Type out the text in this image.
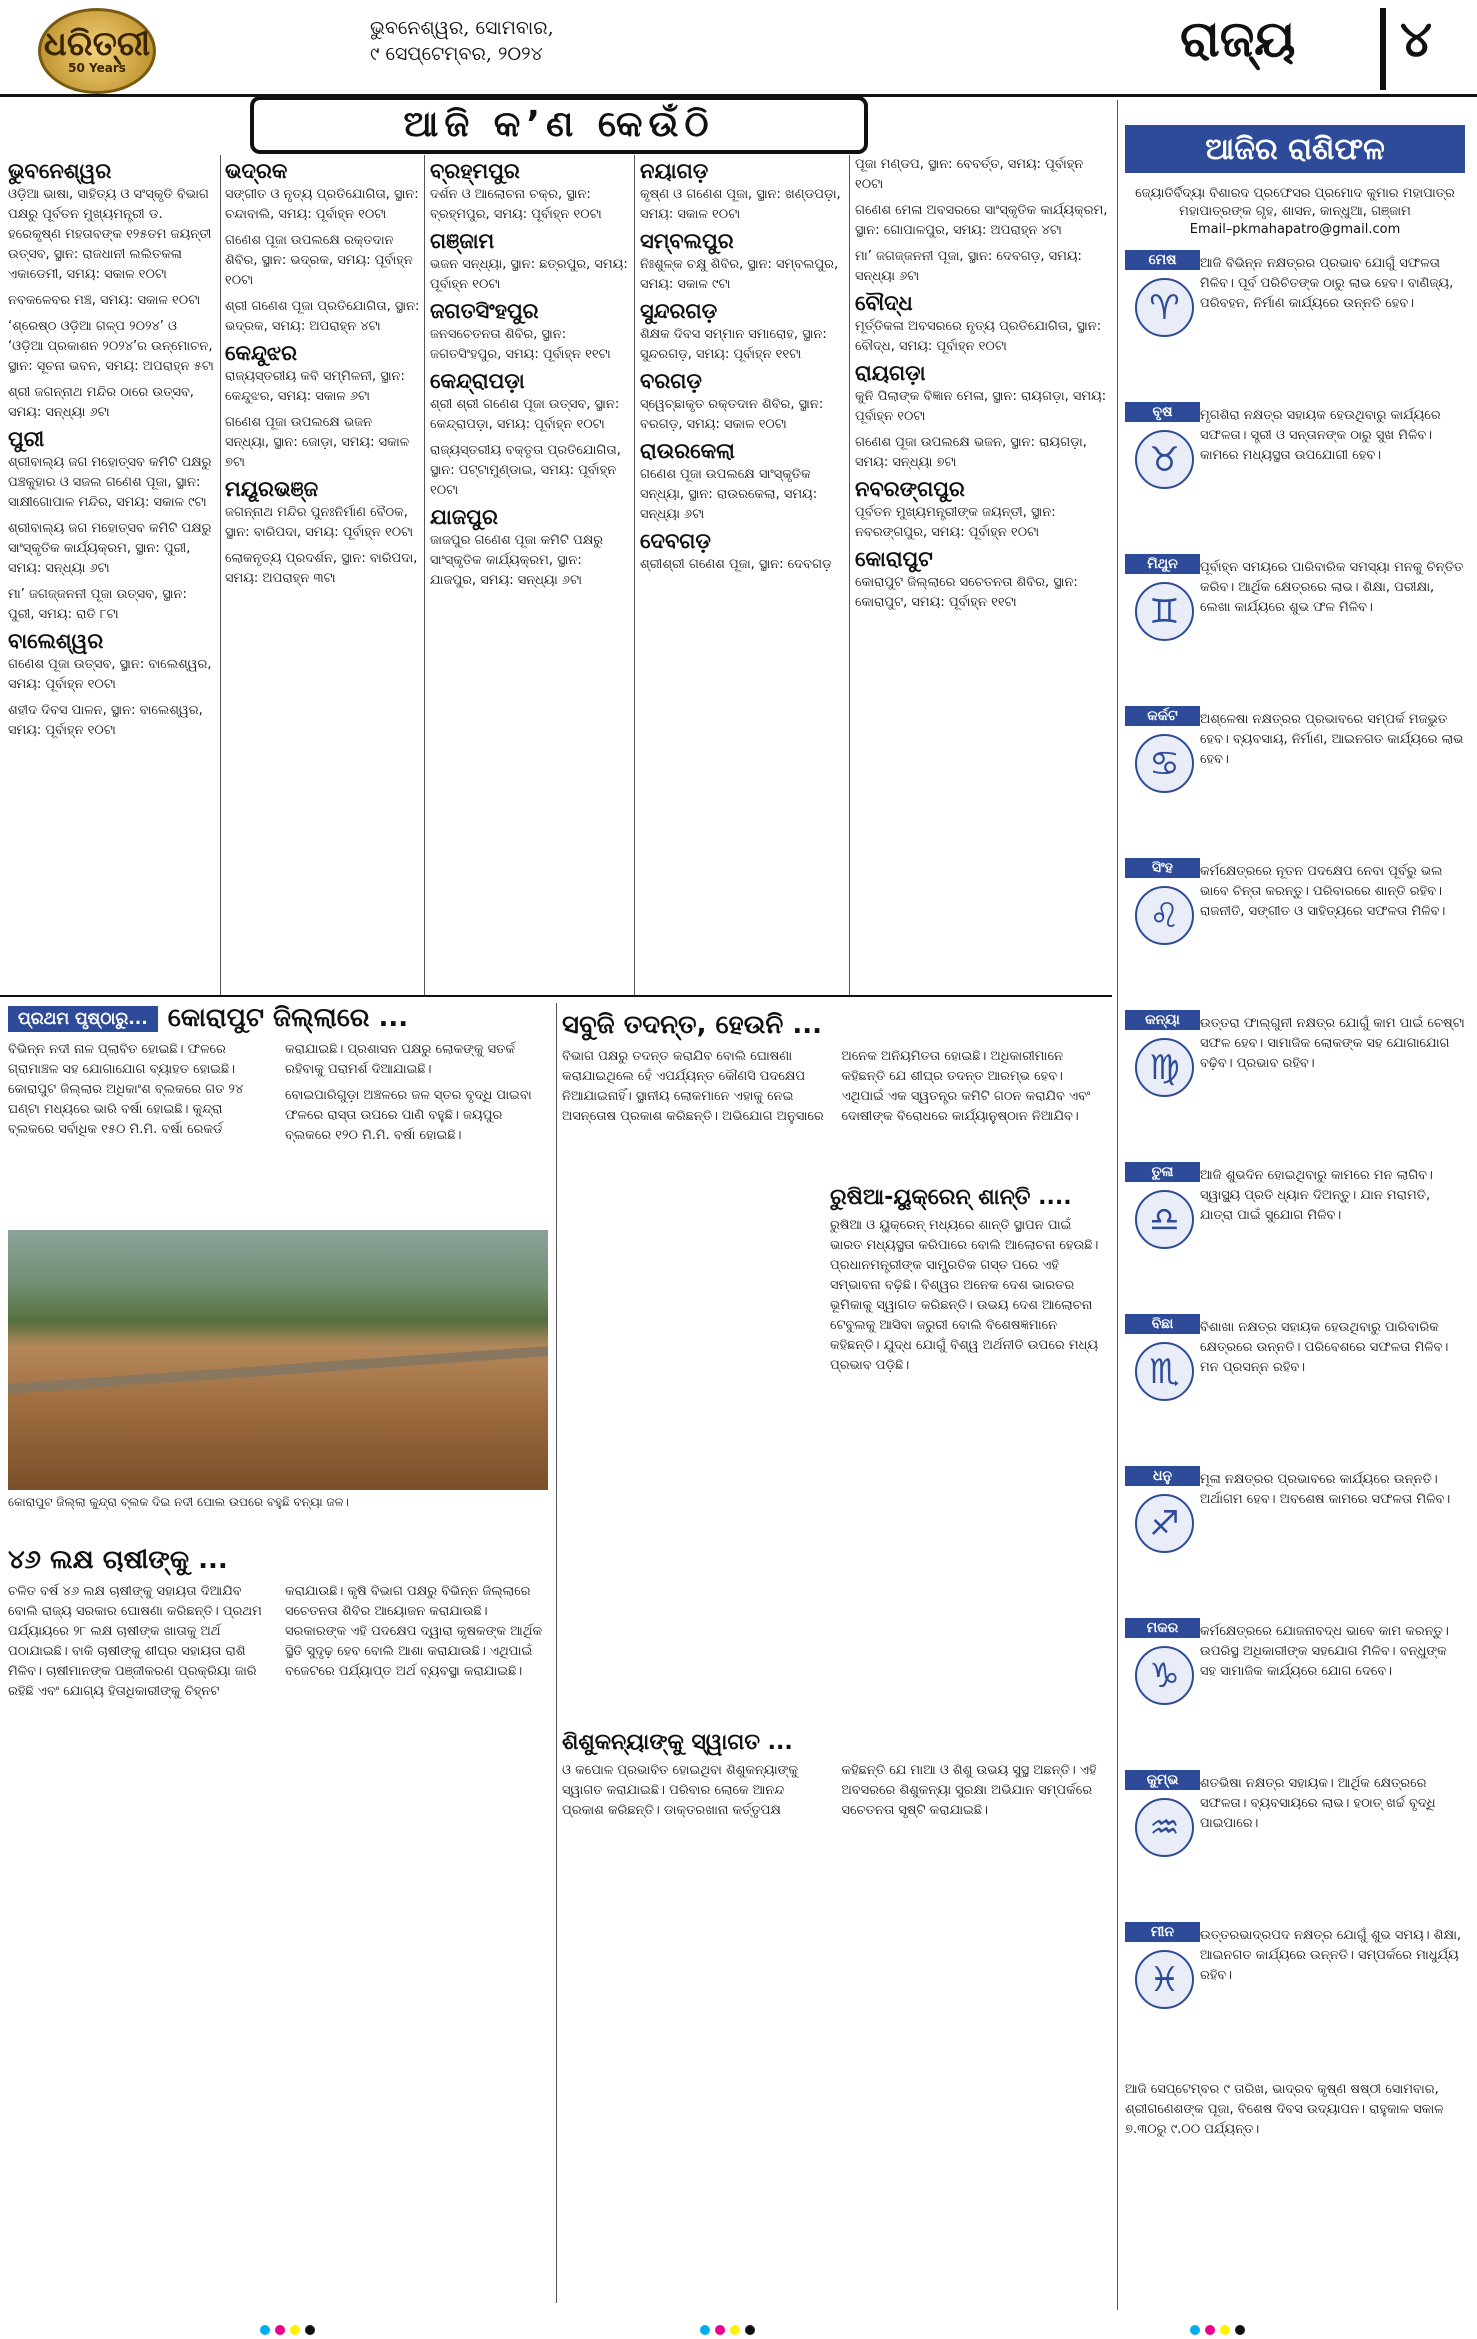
ଧରିତ୍ରୀ
50 Years
ଭୁବନେଶ୍ୱର, ସୋମବାର,
୯ ସେପ୍ଟେମ୍ବର, ୨୦୨୪	ରାଜ୍ୟ ୪
ଆଜି କ’ଣ କେଉଁଠି
ଭୁବନେଶ୍ୱର

ଓଡ଼ିଆ ଭାଷା, ସାହିତ୍ୟ ଓ ସଂସ୍କୃତି ବିଭାଗ ପକ୍ଷରୁ ପୂର୍ବତନ ମୁଖ୍ୟମନ୍ତ୍ରୀ ଡ. ହରେକୃଷ୍ଣ ମହତାବଙ୍କ ୧୨୫ତମ ଜୟନ୍ତୀ ଉତ୍ସବ, ସ୍ଥାନ: ରାଜଧାନୀ ଲଲିତକଳା ଏକାଡେମୀ, ସମୟ: ସକାଳ ୧୦ଟା

ନବକଳେବର ମଞ୍ଚ, ସମୟ: ସକାଳ ୧୦ଟା

‘ଶ୍ରେଷ୍ଠ ଓଡ଼ିଆ ଗଳ୍ପ ୨୦୨୪’ ଓ ‘ଓଡ଼ିଆ ପ୍ରକାଶନ ୨୦୨୪’ର ଉନ୍ମୋଚନ, ସ୍ଥାନ: ସୂଚନା ଭବନ, ସମୟ: ଅପରାହ୍ନ ୫ଟା

ଶ୍ରୀ ଜଗନ୍ନାଥ ମନ୍ଦିର ଠାରେ ଉତ୍ସବ, ସମୟ: ସନ୍ଧ୍ୟା ୬ଟା

ପୁରୀ

ଶ୍ରୀବାଲ୍ୟ ଜଗ ମହୋତ୍ସବ କମିଟି ପକ୍ଷରୁ ପଞ୍ଚକୁହାର ଓ ସଜଲ ଗଣେଶ ପୂଜା, ସ୍ଥାନ: ସାକ୍ଷୀଗୋପାଳ ମନ୍ଦିର, ସମୟ: ସକାଳ ୯ଟା

ଶ୍ରୀବାଲ୍ୟ ଜଗ ମହୋତ୍ସବ କମିଟି ପକ୍ଷରୁ ସାଂସ୍କୃତିକ କାର୍ଯ୍ୟକ୍ରମ, ସ୍ଥାନ: ପୁରୀ, ସମୟ: ସନ୍ଧ୍ୟା ୬ଟା

ମା’ ଜଗଜ୍ଜନନୀ ପୂଜା ଉତ୍ସବ, ସ୍ଥାନ: ପୁରୀ, ସମୟ: ରାତି ୮ଟା

ବାଲେଶ୍ୱର

ଗଣେଶ ପୂଜା ଉତ୍ସବ, ସ୍ଥାନ: ବାଲେଶ୍ୱର, ସମୟ: ପୂର୍ବାହ୍ନ ୧୦ଟା

ଶହୀଦ ଦିବସ ପାଳନ, ସ୍ଥାନ: ବାଲେଶ୍ୱର, ସମୟ: ପୂର୍ବାହ୍ନ ୧୦ଟା

ଭଦ୍ରକ

ସଙ୍ଗୀତ ଓ ନୃତ୍ୟ ପ୍ରତିଯୋଗିତା, ସ୍ଥାନ: ଚନ୍ଦାବାଲି, ସମୟ: ପୂର୍ବାହ୍ନ ୧୦ଟା

ଗଣେଶ ପୂଜା ଉପଲକ୍ଷେ ରକ୍ତଦାନ ଶିବିର, ସ୍ଥାନ: ଭଦ୍ରକ, ସମୟ: ପୂର୍ବାହ୍ନ ୧୦ଟା

ଶ୍ରୀ ଗଣେଶ ପୂଜା ପ୍ରତିଯୋଗିତା, ସ୍ଥାନ: ଭଦ୍ରକ, ସମୟ: ଅପରାହ୍ନ ୪ଟା

କେନ୍ଦୁଝର

ରାଜ୍ୟସ୍ତରୀୟ କବି ସମ୍ମିଳନୀ, ସ୍ଥାନ: କେନ୍ଦୁଝର, ସମୟ: ସକାଳ ୬ଟା

ଗଣେଶ ପୂଜା ଉପଲକ୍ଷେ ଭଜନ ସନ୍ଧ୍ୟା, ସ୍ଥାନ: ଜୋଡ଼ା, ସମୟ: ସକାଳ ୭ଟା

ମୟୂରଭଞ୍ଜ

ଜଗନ୍ନାଥ ମନ୍ଦିର ପୁନଃନିର୍ମାଣ ବୈଠକ, ସ୍ଥାନ: ବାରିପଦା, ସମୟ: ପୂର୍ବାହ୍ନ ୧୦ଟା

ଲୋକନୃତ୍ୟ ପ୍ରଦର୍ଶନ, ସ୍ଥାନ: ବାରିପଦା, ସମୟ: ଅପରାହ୍ନ ୩ଟା

ବ୍ରହ୍ମପୁର

ଦର୍ଶନ ଓ ଆଲୋଚନା ଚକ୍ର, ସ୍ଥାନ: ବ୍ରହ୍ମପୁର, ସମୟ: ପୂର୍ବାହ୍ନ ୧୦ଟା

ଗଞ୍ଜାମ

ଭଜନ ସନ୍ଧ୍ୟା, ସ୍ଥାନ: ଛତ୍ରପୁର, ସମୟ: ପୂର୍ବାହ୍ନ ୧୦ଟା

ଜଗତସିଂହପୁର

ଜନସଚେତନତା ଶିବିର, ସ୍ଥାନ: ଜଗତସିଂହପୁର, ସମୟ: ପୂର୍ବାହ୍ନ ୧୧ଟା

କେନ୍ଦ୍ରାପଡ଼ା

ଶ୍ରୀ ଶ୍ରୀ ଗଣେଶ ପୂଜା ଉତ୍ସବ, ସ୍ଥାନ: କେନ୍ଦ୍ରାପଡ଼ା, ସମୟ: ପୂର୍ବାହ୍ନ ୧୦ଟା

ରାଜ୍ୟସ୍ତରୀୟ ବକ୍ତୃତା ପ୍ରତିଯୋଗିତା, ସ୍ଥାନ: ପଟ୍ଟାମୁଣ୍ଡାଇ, ସମୟ: ପୂର୍ବାହ୍ନ ୧୦ଟା

ଯାଜପୁର

ଜାଜପୁର ଗଣେଶ ପୂଜା କମିଟି ପକ୍ଷରୁ ସାଂସ୍କୃତିକ କାର୍ଯ୍ୟକ୍ରମ, ସ୍ଥାନ: ଯାଜପୁର, ସମୟ: ସନ୍ଧ୍ୟା ୬ଟା

ନୟାଗଡ଼

କୃଷ୍ଣ ଓ ଗଣେଶ ପୂଜା, ସ୍ଥାନ: ଖଣ୍ଡପଡ଼ା, ସମୟ: ସକାଳ ୧୦ଟା

ସମ୍ବଲପୁର

ନିଃଶୁଳ୍କ ଚକ୍ଷୁ ଶିବିର, ସ୍ଥାନ: ସମ୍ବଲପୁର, ସମୟ: ସକାଳ ୯ଟା

ସୁନ୍ଦରଗଡ଼

ଶିକ୍ଷକ ଦିବସ ସମ୍ମାନ ସମାରୋହ, ସ୍ଥାନ: ସୁନ୍ଦରଗଡ଼, ସମୟ: ପୂର୍ବାହ୍ନ ୧୧ଟା

ବରଗଡ଼

ସ୍ୱେଚ୍ଛାକୃତ ରକ୍ତଦାନ ଶିବିର, ସ୍ଥାନ: ବରଗଡ଼, ସମୟ: ସକାଳ ୧୦ଟା

ରାଉରକେଲା

ଗଣେଶ ପୂଜା ଉପଲକ୍ଷେ ସାଂସ୍କୃତିକ ସନ୍ଧ୍ୟା, ସ୍ଥାନ: ରାଉରକେଲା, ସମୟ: ସନ୍ଧ୍ୟା ୬ଟା

ଦେବଗଡ଼

ଶ୍ରୀଶ୍ରୀ ଗଣେଶ ପୂଜା, ସ୍ଥାନ: ଦେବଗଡ଼

ପୂଜା ମଣ୍ଡପ, ସ୍ଥାନ: ବେବର୍ତ୍ତ, ସମୟ: ପୂର୍ବାହ୍ନ ୧୦ଟା

ଗଣେଶ ମେଳା ଅବସରରେ ସାଂସ୍କୃତିକ କାର୍ଯ୍ୟକ୍ରମ, ସ୍ଥାନ: ଗୋପାଳପୁର, ସମୟ: ଅପରାହ୍ନ ୪ଟା

ମା’ ଜଗଜ୍ଜନନୀ ପୂଜା, ସ୍ଥାନ: ଦେବଗଡ଼, ସମୟ: ସନ୍ଧ୍ୟା ୬ଟା

ବୌଦ୍ଧ

ମୂର୍ତ୍ତିକଳା ଅବସରରେ ନୃତ୍ୟ ପ୍ରତିଯୋଗିତା, ସ୍ଥାନ: ବୌଦ୍ଧ, ସମୟ: ପୂର୍ବାହ୍ନ ୧୦ଟା

ରାୟଗଡ଼ା

କୁନି ପିଲାଙ୍କ ବିଜ୍ଞାନ ମେଳା, ସ୍ଥାନ: ରାୟଗଡ଼ା, ସମୟ: ପୂର୍ବାହ୍ନ ୧୦ଟା

ଗଣେଶ ପୂଜା ଉପଲକ୍ଷେ ଭଜନ, ସ୍ଥାନ: ରାୟଗଡ଼ା, ସମୟ: ସନ୍ଧ୍ୟା ୭ଟା

ନବରଙ୍ଗପୁର

ପୂର୍ବତନ ମୁଖ୍ୟମନ୍ତ୍ରୀଙ୍କ ଜୟନ୍ତୀ, ସ୍ଥାନ: ନବରଙ୍ଗପୁର, ସମୟ: ପୂର୍ବାହ୍ନ ୧୦ଟା

କୋରାପୁଟ

କୋରାପୁଟ ଜିଲ୍ଲାରେ ସଚେତନତା ଶିବିର, ସ୍ଥାନ: କୋରାପୁଟ, ସମୟ: ପୂର୍ବାହ୍ନ ୧୧ଟା

ପ୍ରଥମ ପୃଷ୍ଠାରୁ... କୋରାପୁଟ ଜିଲ୍ଲାରେ ...

ବିଭିନ୍ନ ନଦୀ ନାଳ ପ୍ଲାବିତ ହୋଇଛି। ଫଳରେ ଗ୍ରାମାଞ୍ଚଳ ସହ ଯୋଗାଯୋଗ ବ୍ୟାହତ ହୋଇଛି। କୋରାପୁଟ ଜିଲ୍ଲାର ଅଧିକାଂଶ ବ୍ଲକରେ ଗତ ୨୪ ଘଣ୍ଟା ମଧ୍ୟରେ ଭାରି ବର୍ଷା ହୋଇଛି। କୁନ୍ଦ୍ରା ବ୍ଲକରେ ସର୍ବାଧିକ ୧୫୦ ମି.ମି. ବର୍ଷା ରେକର୍ଡ କରାଯାଇଛି। ପ୍ରଶାସନ ପକ୍ଷରୁ ଲୋକଙ୍କୁ ସତର୍କ ରହିବାକୁ ପରାମର୍ଶ ଦିଆଯାଇଛି।

ବୋଇପାରିଗୁଡ଼ା ଅଞ୍ଚଳରେ ଜଳ ସ୍ତର ବୃଦ୍ଧି ପାଇବା ଫଳରେ ରାସ୍ତା ଉପରେ ପାଣି ବହୁଛି। ଜୟପୁର ବ୍ଲକରେ ୧୨୦ ମି.ମି. ବର୍ଷା ହୋଇଛି।

କୋରାପୁଟ ଜିଲ୍ଲା କୁନ୍ଦ୍ରା ବ୍ଲକ ଦିଇ ନଦୀ ପୋଲ ଉପରେ ବହୁଛି ବନ୍ୟା ଜଳ।
୪୬ ଲକ୍ଷ ଚାଷୀଙ୍କୁ ...
ଚଳିତ ବର୍ଷ ୪୬ ଲକ୍ଷ ଚାଷୀଙ୍କୁ ସହାୟତା ଦିଆଯିବ ବୋଲି ରାଜ୍ୟ ସରକାର ଘୋଷଣା କରିଛନ୍ତି। ପ୍ରଥମ ପର୍ଯ୍ୟାୟରେ ୨୮ ଲକ୍ଷ ଚାଷୀଙ୍କ ଖାତାକୁ ଅର୍ଥ ପଠାଯାଇଛି। ବାକି ଚାଷୀଙ୍କୁ ଶୀଘ୍ର ସହାୟତା ରାଶି ମିଳିବ। ଚାଷୀମାନଙ୍କ ପଞ୍ଜୀକରଣ ପ୍ରକ୍ରିୟା ଜାରି ରହିଛି ଏବଂ ଯୋଗ୍ୟ ହିତାଧିକାରୀଙ୍କୁ ଚିହ୍ନଟ କରାଯାଉଛି। କୃଷି ବିଭାଗ ପକ୍ଷରୁ ବିଭିନ୍ନ ଜିଲ୍ଲାରେ ସଚେତନତା ଶିବିର ଆୟୋଜନ କରାଯାଉଛି। ସରକାରଙ୍କ ଏହି ପଦକ୍ଷେପ ଦ୍ୱାରା କୃଷକଙ୍କ ଆର୍ଥିକ ସ୍ଥିତି ସୁଦୃଢ଼ ହେବ ବୋଲି ଆଶା କରାଯାଉଛି। ଏଥିପାଇଁ ବଜେଟରେ ପର୍ଯ୍ୟାପ୍ତ ଅର୍ଥ ବ୍ୟବସ୍ଥା କରାଯାଇଛି।
ସବୁଜି ତଦନ୍ତ, ହେଉନି ...
ବିଭାଗ ପକ୍ଷରୁ ତଦନ୍ତ କରାଯିବ ବୋଲି ଘୋଷଣା କରାଯାଇଥିଲେ ହେଁ ଏପର୍ଯ୍ୟନ୍ତ କୌଣସି ପଦକ୍ଷେପ ନିଆଯାଇନାହିଁ। ସ୍ଥାନୀୟ ଲୋକମାନେ ଏହାକୁ ନେଇ ଅସନ୍ତୋଷ ପ୍ରକାଶ କରିଛନ୍ତି। ଅଭିଯୋଗ ଅନୁସାରେ ଅନେକ ଅନିୟମିତତା ହୋଇଛି। ଅଧିକାରୀମାନେ କହିଛନ୍ତି ଯେ ଶୀଘ୍ର ତଦନ୍ତ ଆରମ୍ଭ ହେବ। ଏଥିପାଇଁ ଏକ ସ୍ୱତନ୍ତ୍ର କମିଟି ଗଠନ କରାଯିବ ଏବଂ ଦୋଷୀଙ୍କ ବିରୋଧରେ କାର୍ଯ୍ୟାନୁଷ୍ଠାନ ନିଆଯିବ।
ରୁଷିଆ-ୟୁକ୍ରେନ୍ ଶାନ୍ତି ....
ରୁଷିଆ ଓ ୟୁକ୍ରେନ୍ ମଧ୍ୟରେ ଶାନ୍ତି ସ୍ଥାପନ ପାଇଁ ଭାରତ ମଧ୍ୟସ୍ଥତା କରିପାରେ ବୋଲି ଆଲୋଚନା ହେଉଛି। ପ୍ରଧାନମନ୍ତ୍ରୀଙ୍କ ସାମ୍ପ୍ରତିକ ଗସ୍ତ ପରେ ଏହି ସମ୍ଭାବନା ବଢ଼ିଛି। ବିଶ୍ୱର ଅନେକ ଦେଶ ଭାରତର ଭୂମିକାକୁ ସ୍ୱାଗତ କରିଛନ୍ତି। ଉଭୟ ଦେଶ ଆଲୋଚନା ଟେବୁଲକୁ ଆସିବା ଜରୁରୀ ବୋଲି ବିଶେଷଜ୍ଞମାନେ କହିଛନ୍ତି। ଯୁଦ୍ଧ ଯୋଗୁଁ ବିଶ୍ୱ ଅର୍ଥନୀତି ଉପରେ ମଧ୍ୟ ପ୍ରଭାବ ପଡ଼ିଛି।
ଶିଶୁକନ୍ୟାଙ୍କୁ ସ୍ୱାଗତ ...
ଓ କପୋଳ ପ୍ରଭାବିତ ହୋଇଥିବା ଶିଶୁକନ୍ୟାଙ୍କୁ ସ୍ୱାଗତ କରାଯାଇଛି। ପରିବାର ଲୋକେ ଆନନ୍ଦ ପ୍ରକାଶ କରିଛନ୍ତି। ଡାକ୍ତରଖାନା କର୍ତ୍ତୃପକ୍ଷ କହିଛନ୍ତି ଯେ ମାଆ ଓ ଶିଶୁ ଉଭୟ ସୁସ୍ଥ ଅଛନ୍ତି। ଏହି ଅବସରରେ ଶିଶୁକନ୍ୟା ସୁରକ୍ଷା ଅଭିଯାନ ସମ୍ପର୍କରେ ସଚେତନତା ସୃଷ୍ଟି କରାଯାଇଛି।
ଆଜିର ରାଶିଫଳ
ଜ୍ୟୋତିର୍ବିଦ୍ୟା ବିଶାରଦ ପ୍ରଫେସର ପ୍ରମୋଦ କୁମାର ମହାପାତ୍ର
ମହାପାତ୍ରଙ୍କ ଗୃହ, ଶାସନ, କାନ୍ଧୁଆ, ଗଞ୍ଜାମ
Email–pkmahapatro@gmail.com
ମେଷ
♈
ଆଜି ବିଭିନ୍ନ ନକ୍ଷତ୍ରର ପ୍ରଭାବ ଯୋଗୁଁ ସଫଳତା ମିଳିବ। ପୂର୍ବ ପରିଚିତଙ୍କ ଠାରୁ ଲାଭ ହେବ। ବାଣିଜ୍ୟ, ପରିବହନ, ନିର୍ମାଣ କାର୍ଯ୍ୟରେ ଉନ୍ନତି ହେବ।
ବୃଷ
♉
ମୃଗଶିରା ନକ୍ଷତ୍ର ସହାୟକ ହେଉଥିବାରୁ କାର୍ଯ୍ୟରେ ସଫଳତା। ସ୍ତ୍ରୀ ଓ ସନ୍ତାନଙ୍କ ଠାରୁ ସୁଖ ମିଳିବ। କାମରେ ମଧ୍ୟସ୍ଥତା ଉପଯୋଗୀ ହେବ।
ମିଥୁନ
♊
ପୂର୍ବାହ୍ନ ସମୟରେ ପାରିବାରିକ ସମସ୍ୟା ମନକୁ ଚିନ୍ତିତ କରିବ। ଆର୍ଥିକ କ୍ଷେତ୍ରରେ ଲାଭ। ଶିକ୍ଷା, ପରୀକ୍ଷା, ଲେଖା କାର୍ଯ୍ୟରେ ଶୁଭ ଫଳ ମିଳିବ।
କର୍କଟ
♋
ଅଶ୍ଳେଷା ନକ୍ଷତ୍ରର ପ୍ରଭାବରେ ସମ୍ପର୍କ ମଜଭୁତ ହେବ। ବ୍ୟବସାୟ, ନିର୍ମାଣ, ଆଇନଗତ କାର୍ଯ୍ୟରେ ଲାଭ ହେବ।
ସିଂହ
♌
କର୍ମକ୍ଷେତ୍ରରେ ନୂତନ ପଦକ୍ଷେପ ନେବା ପୂର୍ବରୁ ଭଲ ଭାବେ ଚିନ୍ତା କରନ୍ତୁ। ପରିବାରରେ ଶାନ୍ତି ରହିବ। ରାଜନୀତି, ସଙ୍ଗୀତ ଓ ସାହିତ୍ୟରେ ସଫଳତା ମିଳିବ।
କନ୍ୟା
♍
ଉତ୍ତରା ଫାଲ୍ଗୁନୀ ନକ୍ଷତ୍ର ଯୋଗୁଁ କାମ ପାଇଁ ଚେଷ୍ଟା ସଫଳ ହେବ। ସାମାଜିକ ଲୋକଙ୍କ ସହ ଯୋଗାଯୋଗ ବଢ଼ିବ। ପ୍ରଭାବ ରହିବ।
ତୁଳା
♎
ଆଜି ଶୁଭଦିନ ହୋଇଥିବାରୁ କାମରେ ମନ ଲାଗିବ। ସ୍ୱାସ୍ଥ୍ୟ ପ୍ରତି ଧ୍ୟାନ ଦିଅନ୍ତୁ। ଯାନ ମରାମତି, ଯାତ୍ରା ପାଇଁ ସୁଯୋଗ ମିଳିବ।
ବିଛା
♏
ବିଶାଖା ନକ୍ଷତ୍ର ସହାୟକ ହେଉଥିବାରୁ ପାରିବାରିକ କ୍ଷେତ୍ରରେ ଉନ୍ନତି। ପରିବେଶରେ ସଫଳତା ମିଳିବ। ମନ ପ୍ରସନ୍ନ ରହିବ।
ଧନୁ
♐
ମୂଳା ନକ୍ଷତ୍ରର ପ୍ରଭାବରେ କାର୍ଯ୍ୟରେ ଉନ୍ନତି। ଅର୍ଥାଗମ ହେବ। ଅବଶେଷ କାମରେ ସଫଳତା ମିଳିବ।
ମକର
♑
କର୍ମକ୍ଷେତ୍ରରେ ଯୋଜନାବଦ୍ଧ ଭାବେ କାମ କରନ୍ତୁ। ଉପରିସ୍ଥ ଅଧିକାରୀଙ୍କ ସହଯୋଗ ମିଳିବ। ବନ୍ଧୁଙ୍କ ସହ ସାମାଜିକ କାର୍ଯ୍ୟରେ ଯୋଗ ଦେବେ।
କୁମ୍ଭ
♒
ଶତଭିଷା ନକ୍ଷତ୍ର ସହାୟକ। ଆର୍ଥିକ କ୍ଷେତ୍ରରେ ସଫଳତା। ବ୍ୟବସାୟରେ ଲାଭ। ହଠାତ୍ ଖର୍ଚ୍ଚ ବୃଦ୍ଧି ପାଇପାରେ।
ମୀନ
♓
ଉତ୍ତରଭାଦ୍ରପଦ ନକ୍ଷତ୍ର ଯୋଗୁଁ ଶୁଭ ସମୟ। ଶିକ୍ଷା, ଆଇନଗତ କାର୍ଯ୍ୟରେ ଉନ୍ନତି। ସମ୍ପର୍କରେ ମାଧୁର୍ଯ୍ୟ ରହିବ।
ଆଜି ସେପ୍ଟେମ୍ବର ୯ ତାରିଖ, ଭାଦ୍ରବ କୃଷ୍ଣ ଷଷ୍ଠୀ ସୋମବାର, ଶ୍ରୀଗଣେଶଙ୍କ ପୂଜା, ବିଶେଷ ଦିବସ ଉଦ୍ୟାପନ। ରାହୁକାଳ ସକାଳ ୭.୩୦ରୁ ୯.୦୦ ପର୍ଯ୍ୟନ୍ତ।
